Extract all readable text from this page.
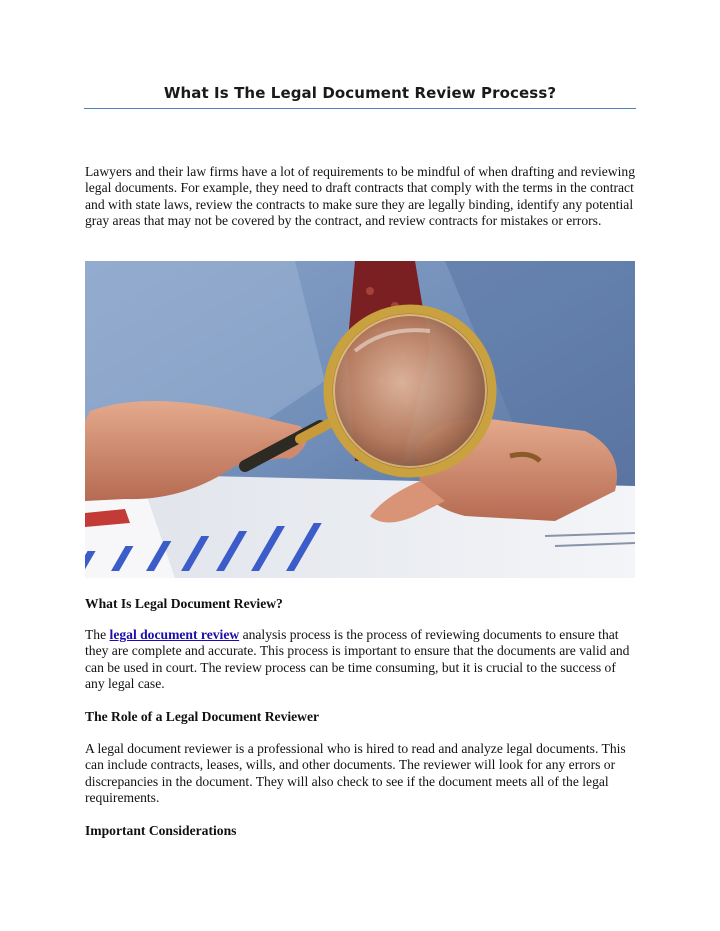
What Is The Legal Document Review Process?

Lawyers and their law firms have a lot of requirements to be mindful of when drafting and reviewing legal documents. For example, they need to draft contracts that comply with the terms in the contract and with state laws, review the contracts to make sure they are legally binding, identify any potential gray areas that may not be covered by the contract, and review contracts for mistakes or errors.

What Is Legal Document Review?

The legal document review analysis process is the process of reviewing documents to ensure that they are complete and accurate. This process is important to ensure that the documents are valid and can be used in court. The review process can be time consuming, but it is crucial to the success of any legal case.

The Role of a Legal Document Reviewer

A legal document reviewer is a professional who is hired to read and analyze legal documents. This can include contracts, leases, wills, and other documents. The reviewer will look for any errors or discrepancies in the document. They will also check to see if the document meets all of the legal requirements.

Important Considerations
